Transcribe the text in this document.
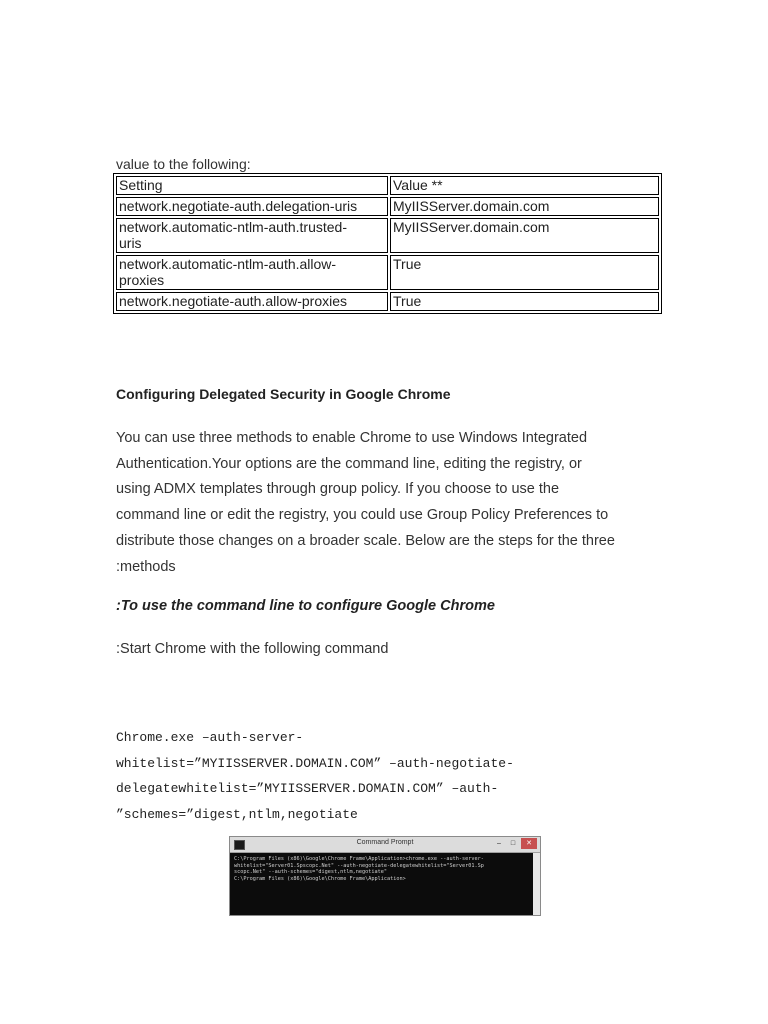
value to the following:
Setting	Value **
network.negotiate-auth.delegation-uris	MyIISServer.domain.com

network.automatic-ntlm-auth.trusted-
uris	MyIISServer.domain.com

network.automatic-ntlm-auth.allow-
proxies	True
network.negotiate-auth.allow-proxies	True
Configuring Delegated Security in Google Chrome
You can use three methods to enable Chrome to use Windows Integrated
Authentication.Your options are the command line, editing the registry, or
using ADMX templates through group policy. If you choose to use the
command line or edit the registry, you could use Group Policy Preferences to
distribute those changes on a broader scale. Below are the steps for the three
:methods
:To use the command line to configure Google Chrome
:Start Chrome with the following command
Chrome.exe –auth-server-
whitelist=”MYIISSERVER.DOMAIN.COM” –auth-negotiate-
delegatewhitelist=”MYIISSERVER.DOMAIN.COM” –auth-
”schemes=”digest,ntlm,negotiate
Command Prompt	–	□	✕
C:\Program Files (x86)\Google\Chrome Frame\Application>chrome.exe --auth-server-
whitelist="Server01.Spscopc.Net" --auth-negotiate-delegatewhitelist="Server01.Sp
scopc.Net" --auth-schemes="digest,ntlm,negotiate"
C:\Program Files (x86)\Google\Chrome Frame\Application>
